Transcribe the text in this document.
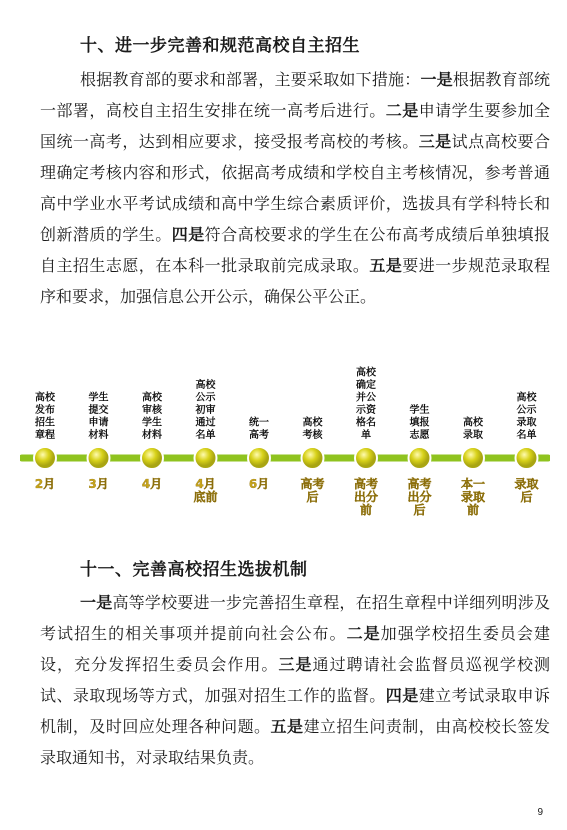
十、进一步完善和规范高校自主招生
根据教育部的要求和部署，主要采取如下措施：一是根据教育部统一部署，高校自主招生安排在统一高考后进行。二是申请学生要参加全国统一高考，达到相应要求，接受报考高校的考核。三是试点高校要合理确定考核内容和形式，依据高考成绩和学校自主考核情况，参考普通高中学业水平考试成绩和高中学生综合素质评价，选拔具有学科特长和创新潜质的学生。四是符合高校要求的学生在公布高考成绩后单独填报自主招生志愿，在本科一批录取前完成录取。五是要进一步规范录取程序和要求，加强信息公开公示，确保公平公正。
高校发布招生章程
2月
学生提交申请材料
3月
高校审核学生材料
4月
高校公示初审通过名单
4月底前
统一高考
6月
高校考核
高考后
高校确定并公示资格名单
高考出分前
学生填报志愿
高考出分后
高校录取
本一录取前
高校公示录取名单
录取后
十一、完善高校招生选拔机制
一是高等学校要进一步完善招生章程，在招生章程中详细列明涉及考试招生的相关事项并提前向社会公布。二是加强学校招生委员会建设，充分发挥招生委员会作用。三是通过聘请社会监督员巡视学校测试、录取现场等方式，加强对招生工作的监督。四是建立考试录取申诉机制，及时回应处理各种问题。五是建立招生问责制，由高校校长签发录取通知书，对录取结果负责。
9
